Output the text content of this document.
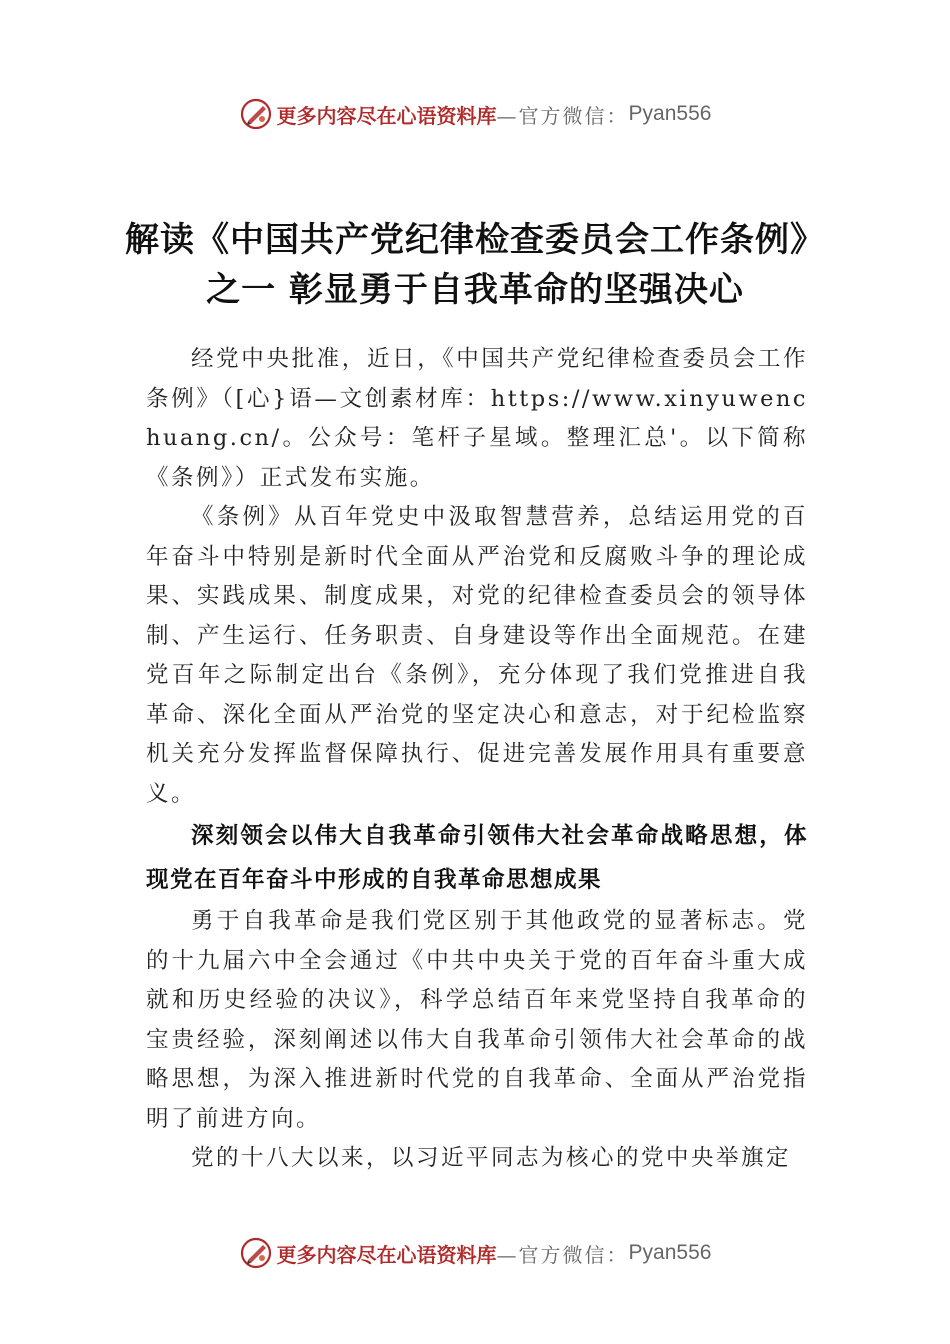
更多内容尽在心语资料库 —官方微信： Pyan556
解读《中国共产党纪律检查委员会工作条例》之一 彰显勇于自我革命的坚强决心

经党中央批准，近日，《中国共产党纪律检查委员会工作条例》（[心}语—文创素材库：https://www.xinyuwenchuang.cn/。公众号：笔杆子星域。整理汇总'。以下简称《条例》）正式发布实施。

《条例》从百年党史中汲取智慧营养，总结运用党的百年奋斗中特别是新时代全面从严治党和反腐败斗争的理论成果、实践成果、制度成果，对党的纪律检查委员会的领导体制、产生运行、任务职责、自身建设等作出全面规范。在建党百年之际制定出台《条例》，充分体现了我们党推进自我革命、深化全面从严治党的坚定决心和意志，对于纪检监察机关充分发挥监督保障执行、促进完善发展作用具有重要意义。

深刻领会以伟大自我革命引领伟大社会革命战略思想，体现党在百年奋斗中形成的自我革命思想成果

勇于自我革命是我们党区别于其他政党的显著标志。党的十九届六中全会通过《中共中央关于党的百年奋斗重大成就和历史经验的决议》，科学总结百年来党坚持自我革命的宝贵经验，深刻阐述以伟大自我革命引领伟大社会革命的战略思想，为深入推进新时代党的自我革命、全面从严治党指明了前进方向。

党的十八大以来，以习近平同志为核心的党中央举旗定

更多内容尽在心语资料库 —官方微信： Pyan556
